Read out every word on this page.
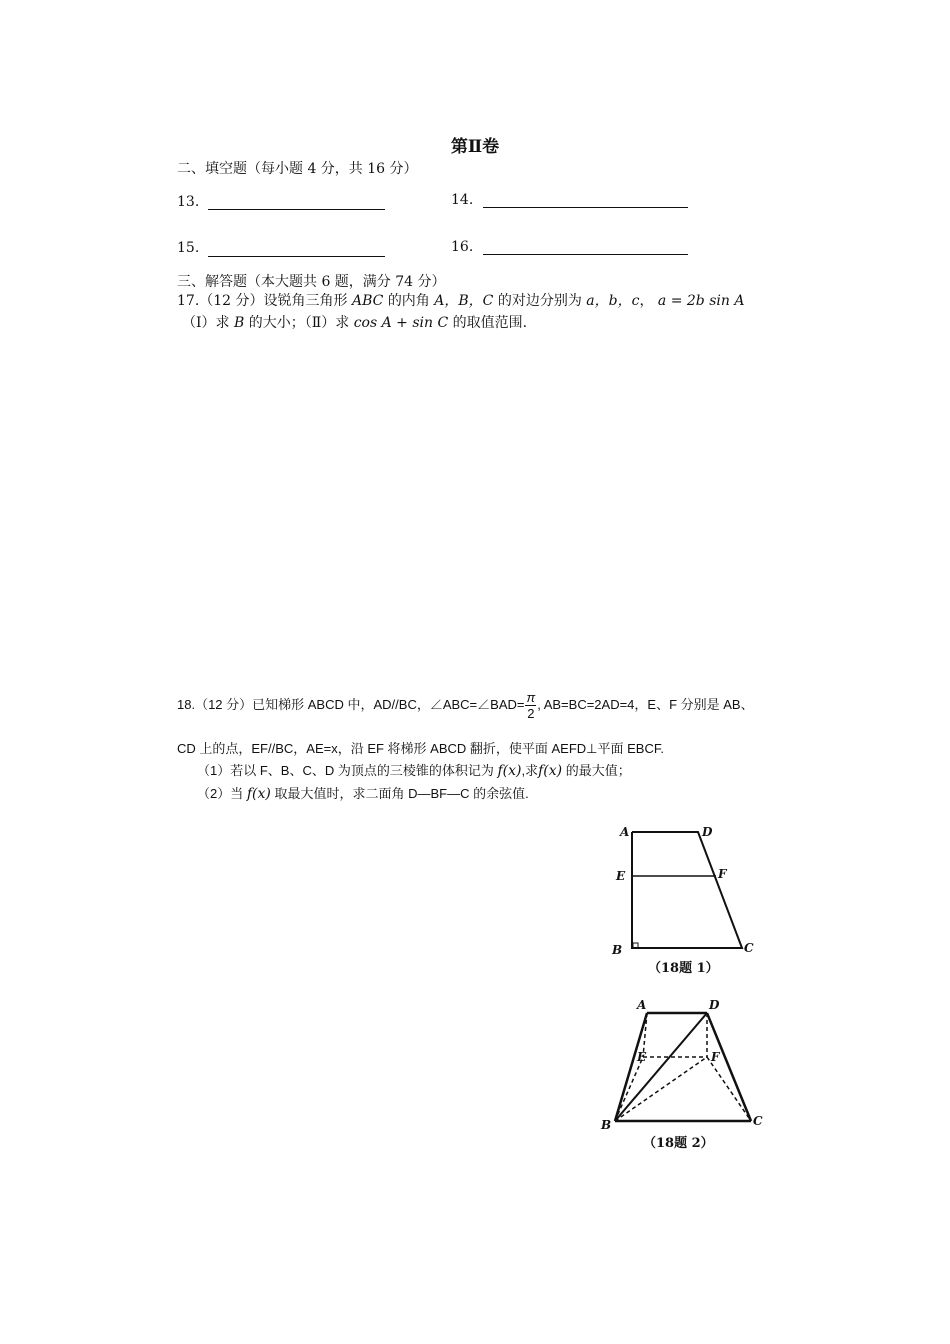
第Ⅱ卷
二、填空题（每小题 4 分，共 16 分）
13.	14.
15.	16.
三、解答题（本大题共 6 题，满分 74 分）
17.（12 分）设锐角三角形 ABC 的内角 A，B，C 的对边分别为 a，b，c， a = 2b sin A
（Ⅰ）求 B 的大小；（Ⅱ）求 cos A + sin C 的取值范围.
18.（12 分）已知梯形 ABCD 中，AD//BC，∠ABC=∠BAD= $\frac{\pi}{2}$ , AB=BC=2AD=4，E、F 分别是 AB、
CD 上的点，EF//BC，AE=x，沿 EF 将梯形 ABCD 翻折，使平面 AEFD⊥平面 EBCF.
（1）若以 F、B、C、D 为顶点的三棱锥的体积记为 f(x),求f(x) 的最大值；
（2）当 f(x) 取最大值时，求二面角 D—BF—C 的余弦值.
A	D
E	F
B	C
（18题 1）
A	D
E	F
B	C
（18题 2）
